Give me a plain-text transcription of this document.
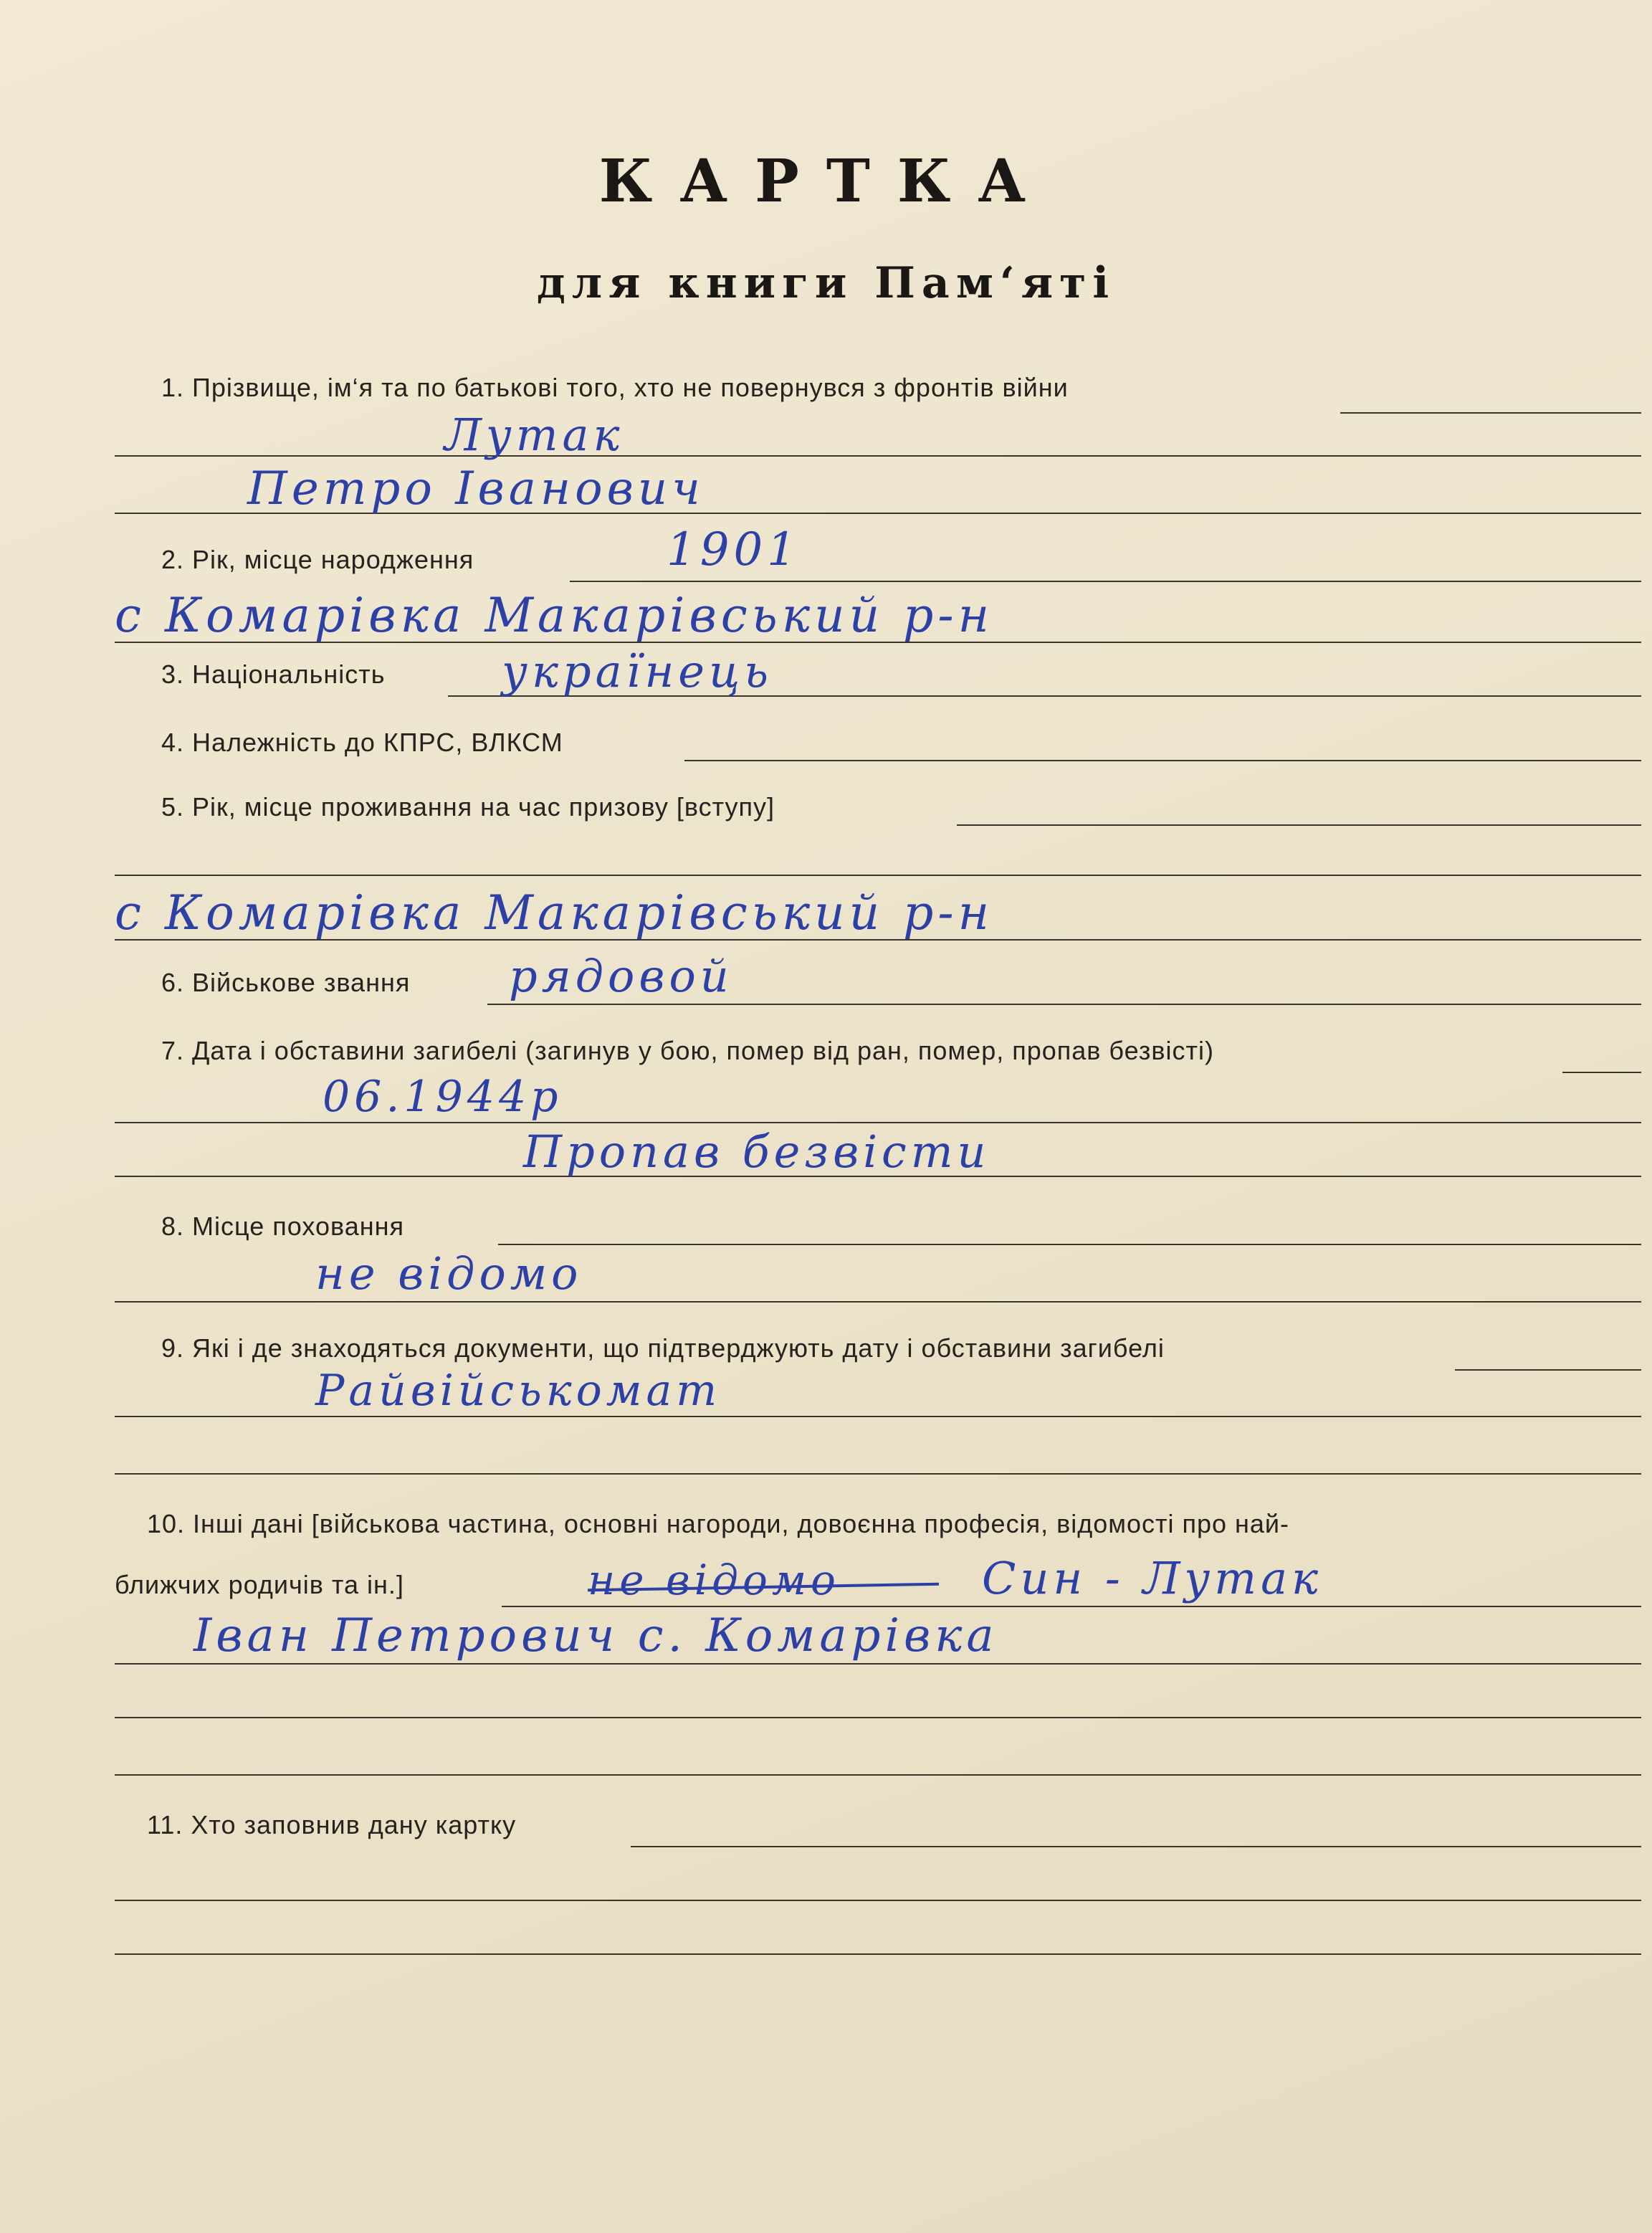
КАРТКА
для книги Пам‘яті
1. Прізвище, ім‘я та по батькові того, хто не повернувся з фронтів війни
Лутак
Петро Іванович
2. Рік, місце народження	1901
с Комарівка Макарівський р-н
3. Національність	українець
4. Належність до КПРС, ВЛКСМ
5. Рік, місце проживання на час призову [вступу]
с Комарівка Макарівський р-н
6. Військове звання рядовой
7. Дата і обставини загибелі (загинув у бою, помер від ран, помер, пропав безвісті)
06.1944р
Пропав безвісти
8. Місце поховання
не відомо
9. Які і де знаходяться документи, що підтверджують дату і обставини загибелі
Райвійськомат
10. Інші дані [військова частина, основні нагороди, довоєнна професія, відомості про най-
ближчих родичів та ін.]	не відомо	Син - Лутак
Іван Петрович с. Комарівка
11. Хто заповнив дану картку
